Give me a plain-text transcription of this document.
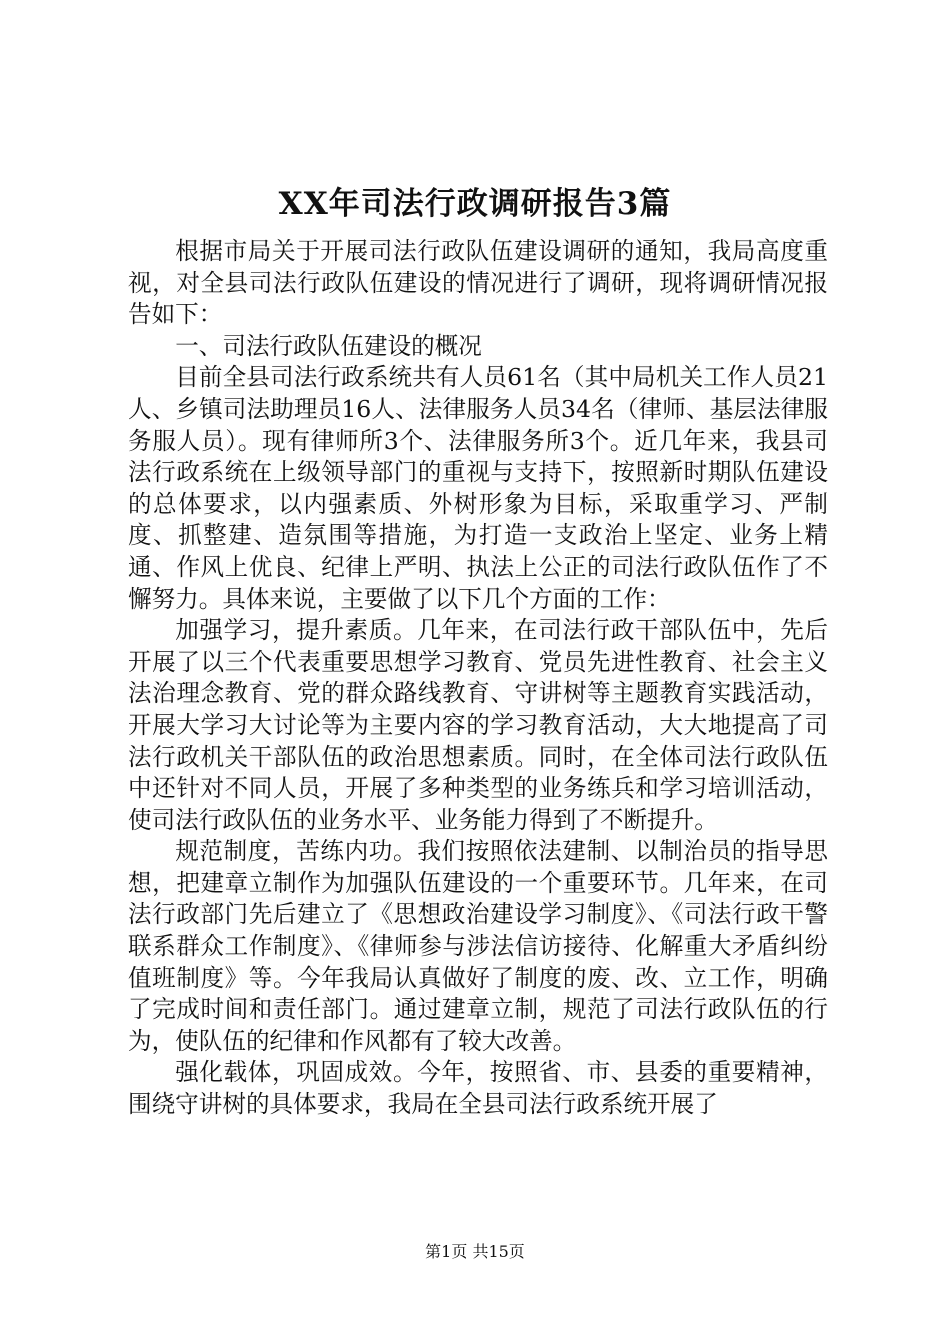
XX年司法行政调研报告3篇

根据市局关于开展司法行政队伍建设调研的通知，我局高度重视，对全县司法行政队伍建设的情况进行了调研，现将调研情况报告如下：

一、司法行政队伍建设的概况

目前全县司法行政系统共有人员61名（其中局机关工作人员21人、乡镇司法助理员16人、法律服务人员34名（律师、基层法律服务服人员）。现有律师所3个、法律服务所3个。近几年来，我县司法行政系统在上级领导部门的重视与支持下，按照新时期队伍建设的总体要求，以内强素质、外树形象为目标，采取重学习、严制度、抓整建、造氛围等措施，为打造一支政治上坚定、业务上精通、作风上优良、纪律上严明、执法上公正的司法行政队伍作了不懈努力。具体来说，主要做了以下几个方面的工作：

加强学习，提升素质。几年来，在司法行政干部队伍中，先后开展了以三个代表重要思想学习教育、党员先进性教育、社会主义法治理念教育、党的群众路线教育、守讲树等主题教育实践活动，开展大学习大讨论等为主要内容的学习教育活动，大大地提高了司法行政机关干部队伍的政治思想素质。同时，在全体司法行政队伍中还针对不同人员，开展了多种类型的业务练兵和学习培训活动，使司法行政队伍的业务水平、业务能力得到了不断提升。

规范制度，苦练内功。我们按照依法建制、以制治员的指导思想，把建章立制作为加强队伍建设的一个重要环节。几年来，在司法行政部门先后建立了《思想政治建设学习制度》、《司法行政干警联系群众工作制度》、《律师参与涉法信访接待、化解重大矛盾纠纷值班制度》等。今年我局认真做好了制度的废、改、立工作，明确了完成时间和责任部门。通过建章立制，规范了司法行政队伍的行为，使队伍的纪律和作风都有了较大改善。

强化载体，巩固成效。今年，按照省、市、县委的重要精神，围绕守讲树的具体要求，我局在全县司法行政系统开展了

第1页 共15页
